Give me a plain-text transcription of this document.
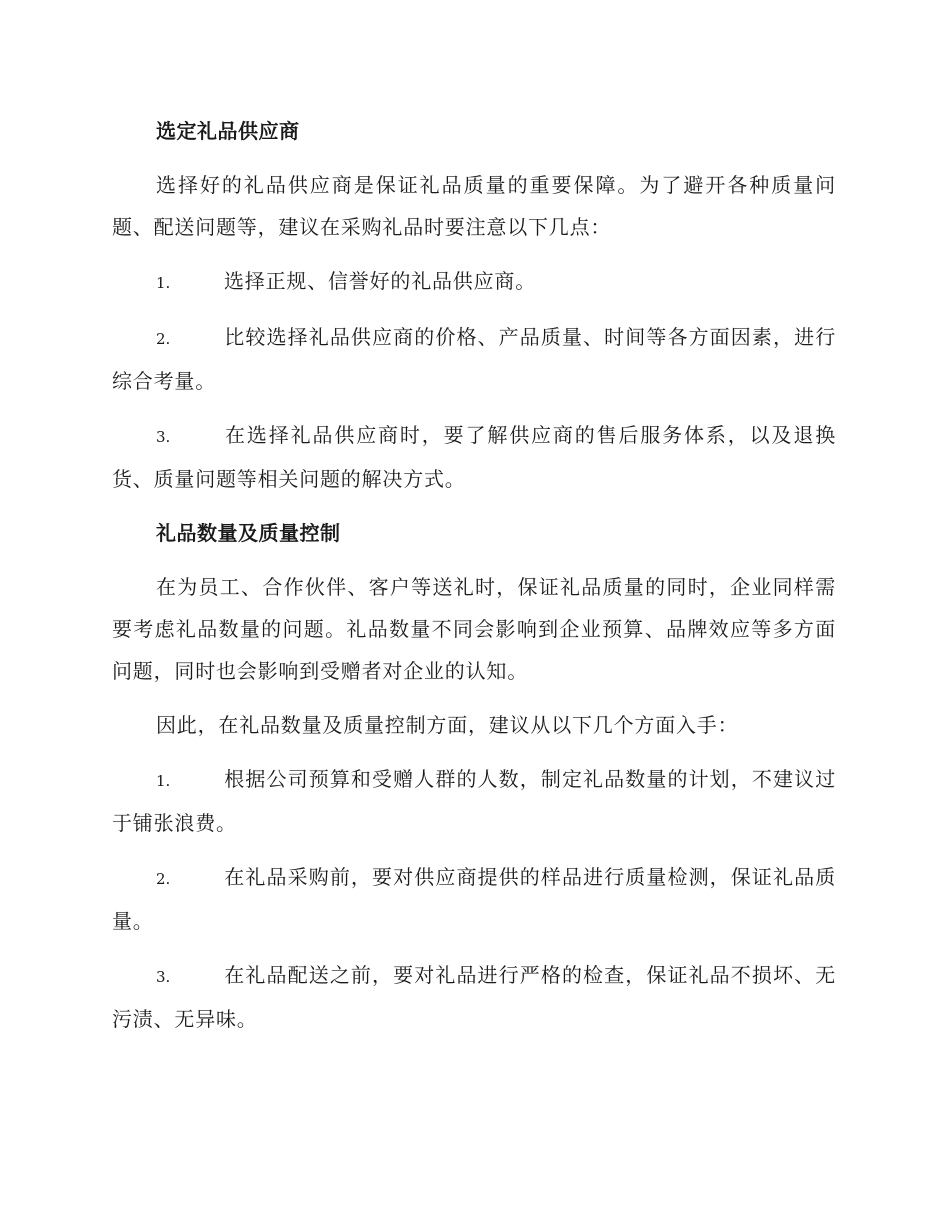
选定礼品供应商

选择好的礼品供应商是保证礼品质量的重要保障。为了避开各种质量问题、配送问题等，建议在采购礼品时要注意以下几点：

1.	选择正规、信誉好的礼品供应商。

2.	比较选择礼品供应商的价格、产品质量、时间等各方面因素，进行综合考量。

3.	在选择礼品供应商时，要了解供应商的售后服务体系，以及退换货、质量问题等相关问题的解决方式。

礼品数量及质量控制

在为员工、合作伙伴、客户等送礼时，保证礼品质量的同时，企业同样需要考虑礼品数量的问题。礼品数量不同会影响到企业预算、品牌效应等多方面问题，同时也会影响到受赠者对企业的认知。

因此，在礼品数量及质量控制方面，建议从以下几个方面入手：

1.	根据公司预算和受赠人群的人数，制定礼品数量的计划，不建议过于铺张浪费。

2.	在礼品采购前，要对供应商提供的样品进行质量检测，保证礼品质量。

3.	在礼品配送之前，要对礼品进行严格的检查，保证礼品不损坏、无污渍、无异味。
